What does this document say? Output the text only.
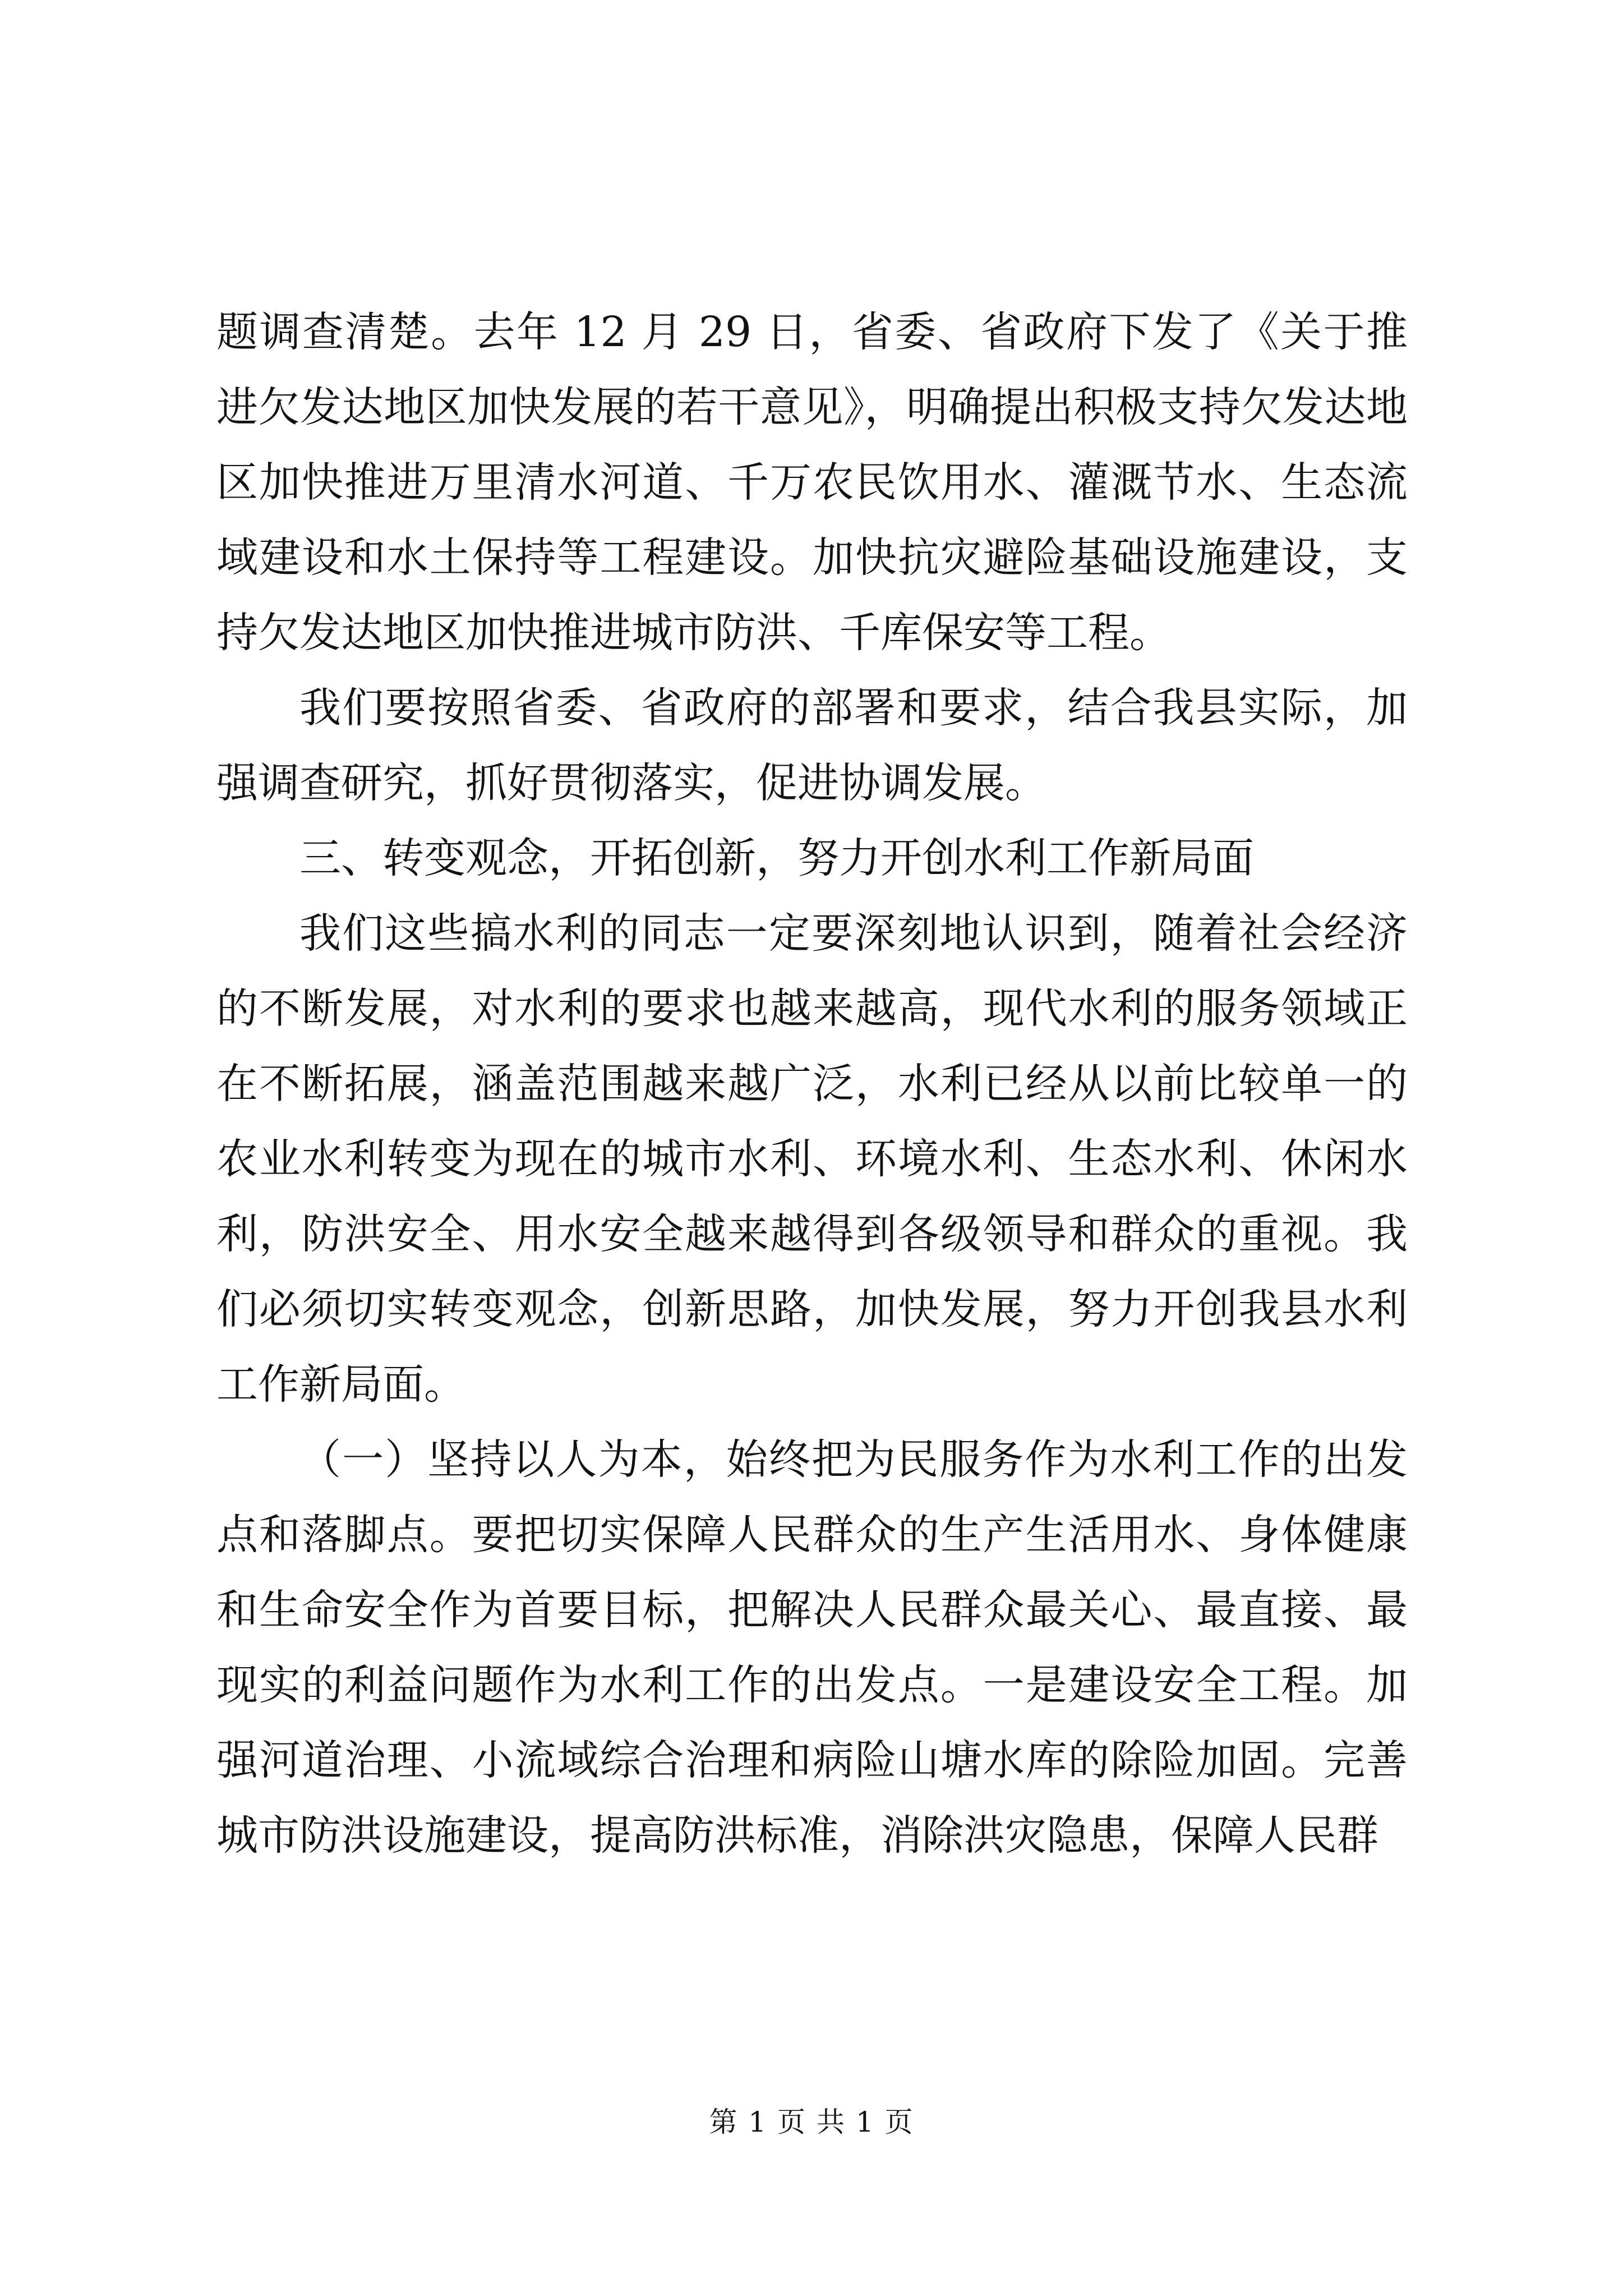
题调查清楚。去年 12 月 29 日，省委、省政府下发了《关于推进欠发达地区加快发展的若干意见》，明确提出积极支持欠发达地区加快推进万里清水河道、千万农民饮用水、灌溉节水、生态流域建设和水土保持等工程建设。加快抗灾避险基础设施建设，支持欠发达地区加快推进城市防洪、千库保安等工程。

我们要按照省委、省政府的部署和要求，结合我县实际，加强调查研究，抓好贯彻落实，促进协调发展。

三、转变观念，开拓创新，努力开创水利工作新局面

我们这些搞水利的同志一定要深刻地认识到，随着社会经济的不断发展，对水利的要求也越来越高，现代水利的服务领域正在不断拓展，涵盖范围越来越广泛，水利已经从以前比较单一的农业水利转变为现在的城市水利、环境水利、生态水利、休闲水利，防洪安全、用水安全越来越得到各级领导和群众的重视。我们必须切实转变观念，创新思路，加快发展，努力开创我县水利工作新局面。

（一）坚持以人为本，始终把为民服务作为水利工作的出发点和落脚点。要把切实保障人民群众的生产生活用水、身体健康和生命安全作为首要目标，把解决人民群众最关心、最直接、最现实的利益问题作为水利工作的出发点。一是建设安全工程。加强河道治理、小流域综合治理和病险山塘水库的除险加固。完善城市防洪设施建设，提高防洪标准，消除洪灾隐患，保障人民群

第 1 页 共 1 页
